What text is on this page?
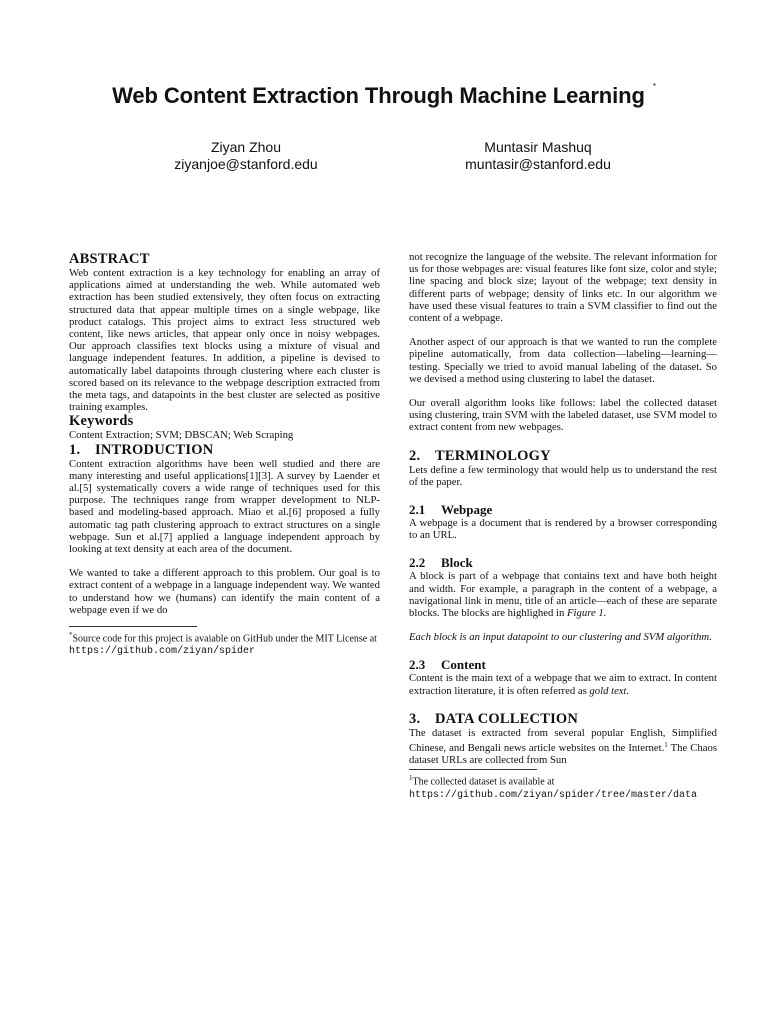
Web Content Extraction Through Machine Learning *
Ziyan Zhou
ziyanjoe@stanford.edu
Muntasir Mashuq
muntasir@stanford.edu
ABSTRACT

Web content extraction is a key technology for enabling an array of applications aimed at understanding the web. While automated web extraction has been studied extensively, they often focus on extracting structured data that appear multiple times on a single webpage, like product catalogs. This project aims to extract less structured web content, like news articles, that appear only once in noisy webpages. Our approach classifies text blocks using a mixture of visual and language independent features. In addition, a pipeline is devised to automatically label datapoints through clustering where each cluster is scored based on its relevance to the webpage description extracted from the meta tags, and datapoints in the best cluster are selected as positive training examples.

Keywords

Content Extraction; SVM; DBSCAN; Web Scraping

1. INTRODUCTION

Content extraction algorithms have been well studied and there are many interesting and useful applications[1][3]. A survey by Laender et al.[5] systematically covers a wide range of techniques used for this purpose. The techniques range from wrapper development to NLP-based and modeling-based approach. Miao et al.[6] proposed a fully automatic tag path clustering approach to extract structures on a single webpage. Sun et al.[7] applied a language independent approach by looking at text density at each area of the document.

We wanted to take a different approach to this problem. Our goal is to extract content of a webpage in a language independent way. We wanted to understand how we (humans) can identify the main content of a webpage even if we do

*Source code for this project is avaiable on GitHub under the MIT License at https://github.com/ziyan/spider

not recognize the language of the website. The relevant information for us for those webpages are: visual features like font size, color and style; line spacing and block size; layout of the webpage; text density in different parts of webpage; density of links etc. In our algorithm we have used these visual features to train a SVM classifier to find out the content of a webpage.

Another aspect of our approach is that we wanted to run the complete pipeline automatically, from data collection—labeling—learning—testing. Specially we tried to avoid manual labeling of the dataset. So we devised a method using clustering to label the dataset.

Our overall algorithm looks like follows: label the collected dataset using clustering, train SVM with the labeled dataset, use SVM model to extract content from new webpages.

2. TERMINOLOGY

Lets define a few terminology that would help us to understand the rest of the paper.

2.1 Webpage

A webpage is a document that is rendered by a browser corresponding to an URL.

2.2 Block

A block is part of a webpage that contains text and have both height and width. For example, a paragraph in the content of a webpage, a navigational link in menu, title of an article—each of these are separate blocks. The blocks are highlighed in Figure 1.

Each block is an input datapoint to our clustering and SVM algorithm.

2.3 Content

Content is the main text of a webpage that we aim to extract. In content extraction literature, it is often referred as gold text.

3. DATA COLLECTION

The dataset is extracted from several popular English, Simplified Chinese, and Bengali news article websites on the Internet.$^1$ The Chaos dataset URLs are collected from Sun

$^1$The collected dataset is available at https://github.com/ziyan/spider/tree/master/data
